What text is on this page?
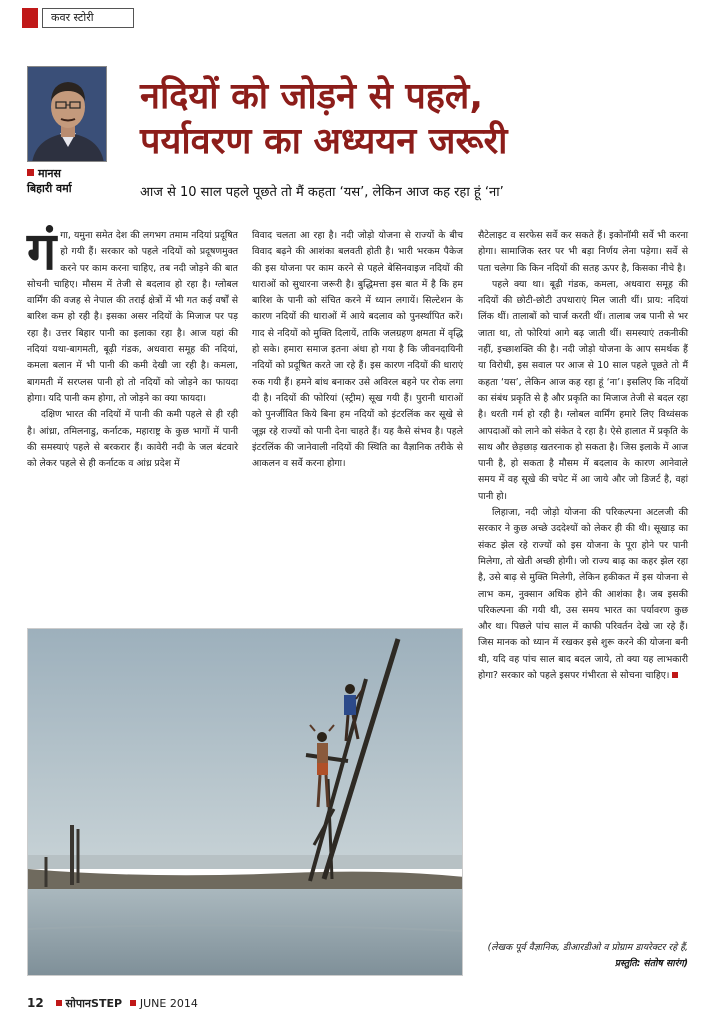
कवर स्टोरी
मानस
बिहारी वर्मा
नदियों को जोड़ने से पहले,
पर्यावरण का अध्ययन जरूरी
आज से 10 साल पहले पूछते तो मैं कहता ‘यस’, लेकिन आज कह रहा हूं ‘ना’

गंगा, यमुना समेत देश की लगभग तमाम नदियां प्रदूषित हो गयी हैं। सरकार को पहले नदियों को प्रदूषणमुक्त करने पर काम करना चाहिए, तब नदी जोड़ने की बात सोचनी चाहिए। मौसम में तेजी से बदलाव हो रहा है। ग्लोबल वार्मिंग की वजह से नेपाल की तराई क्षेत्रों में भी गत कई वर्षों से बारिश कम हो रही है। इसका असर नदियों के मिजाज पर पड़ रहा है। उत्तर बिहार पानी का इलाका रहा है। आज यहां की नदियां यथा-बागमती, बूढ़ी गंडक, अधवारा समूह की नदियां, कमला बलान में भी पानी की कमी देखी जा रही है। कमला, बागमती में सरप्लस पानी हो तो नदियों को जोड़ने का फायदा होगा। यदि पानी कम होगा, तो जोड़ने का क्या फायदा।

दक्षिण भारत की नदियों में पानी की कमी पहले से ही रही है। आंध्रा, तमिलनाडु, कर्नाटक, महाराष्ट्र के कुछ भागों में पानी की समस्याएं पहले से बरकरार हैं। कावेरी नदी के जल बंटवारे को लेकर पहले से ही कर्नाटक व आंध्र प्रदेश में

विवाद चलता आ रहा है। नदी जोड़ो योजना से राज्यों के बीच विवाद बढ़ने की आशंका बलवती होती है। भारी भरकम पैकेज की इस योजना पर काम करने से पहले बेसिनवाइज नदियों की धाराओं को सुधारना जरूरी है। बुद्धिमत्ता इस बात में है कि हम बारिश के पानी को संचित करने में ध्यान लगायें। सिल्टेशन के कारण नदियों की धाराओं में आये बदलाव को पुनर्स्थापित करें। गाद से नदियों को मुक्ति दिलायें, ताकि जलग्रहण क्षमता में वृद्धि हो सके। हमारा समाज इतना अंधा हो गया है कि जीवनदायिनी नदियों को प्रदूषित करते जा रहे हैं। इस कारण नदियों की धाराएं रुक गयी हैं। हमने बांध बनाकर उसे अविरल बहने पर रोक लगा दी है। नदियों की फोरियां (स्ट्रीम) सूख गयी हैं। पुरानी धाराओं को पुनर्जीवित किये बिना हम नदियों को इंटरलिंक कर सूखे से जूझ रहे राज्यों को पानी देना चाहते हैं। यह कैसे संभव है। पहले इंटरलिंक की जानेवाली नदियों की स्थिति का वैज्ञानिक तरीके से आकलन व सर्वे करना होगा।

सैटेलाइट व सरफेस सर्वे कर सकते हैं। इकोनॉमी सर्वे भी करना होगा। सामाजिक स्तर पर भी बड़ा निर्णय लेना पड़ेगा। सर्वे से पता चलेगा कि किन नदियों की सतह ऊपर है, किसका नीचे है।

पहले क्या था। बूढ़ी गंडक, कमला, अधवारा समूह की नदियों की छोटी-छोटी उपधाराएं मिल जाती थीं। प्राय: नदियां लिंक थीं। तालाबों को चार्ज करती थीं। तालाब जब पानी से भर जाता था, तो फोरियां आगे बढ़ जाती थीं। समस्याएं तकनीकी नहीं, इच्छाशक्ति की है। नदी जोड़ो योजना के आप समर्थक हैं या विरोधी, इस सवाल पर आज से 10 साल पहले पूछते तो मैं कहता ‘यस’, लेकिन आज कह रहा हूं ‘ना’। इसलिए कि नदियों का संबंध प्रकृति से है और प्रकृति का मिजाज तेजी से बदल रहा है। धरती गर्म हो रही है। ग्लोबल वार्मिंग हमारे लिए विध्वंसक आपदाओं को लाने को संकेत दे रहा है। ऐसे हालात में प्रकृति के साथ और छेड़छाड़ खतरनाक हो सकता है। जिस इलाके में आज पानी है, हो सकता है मौसम में बदलाव के कारण आनेवाले समय में वह सूखे की चपेट में आ जाये और जो डिजर्ट है, वहां पानी हो।

लिहाजा, नदी जोड़ो योजना की परिकल्पना अटलजी की सरकार ने कुछ अच्छे उददेश्यों को लेकर ही की थी। सूखाड़ का संकट झेल रहे राज्यों को इस योजना के पूरा होने पर पानी मिलेगा, तो खेती अच्छी होगी। जो राज्य बाढ़ का कहर झेल रहा है, उसे बाढ़ से मुक्ति मिलेगी, लेकिन हकीकत में इस योजना से लाभ कम, नुक्सान अधिक होने की आशंका है। जब इसकी परिकल्पना की गयी थी, उस समय भारत का पर्यावरण कुछ और था। पिछले पांच साल में काफी परिवर्तन देखे जा रहे हैं। जिस मानक को ध्यान में रखकर इसे शुरू करने की योजना बनी थी, यदि वह पांच साल बाद बदल जाये, तो क्या यह लाभकारी होगा? सरकार को पहले इसपर गंभीरता से सोचना चाहिए।

(लेखक पूर्व वैज्ञानिक, डीआरडीओ व प्रोग्राम डायरेक्टर रहे हैं, प्रस्तुति: संतोष सारंग)
12 सोपानSTEP JUNE 2014
